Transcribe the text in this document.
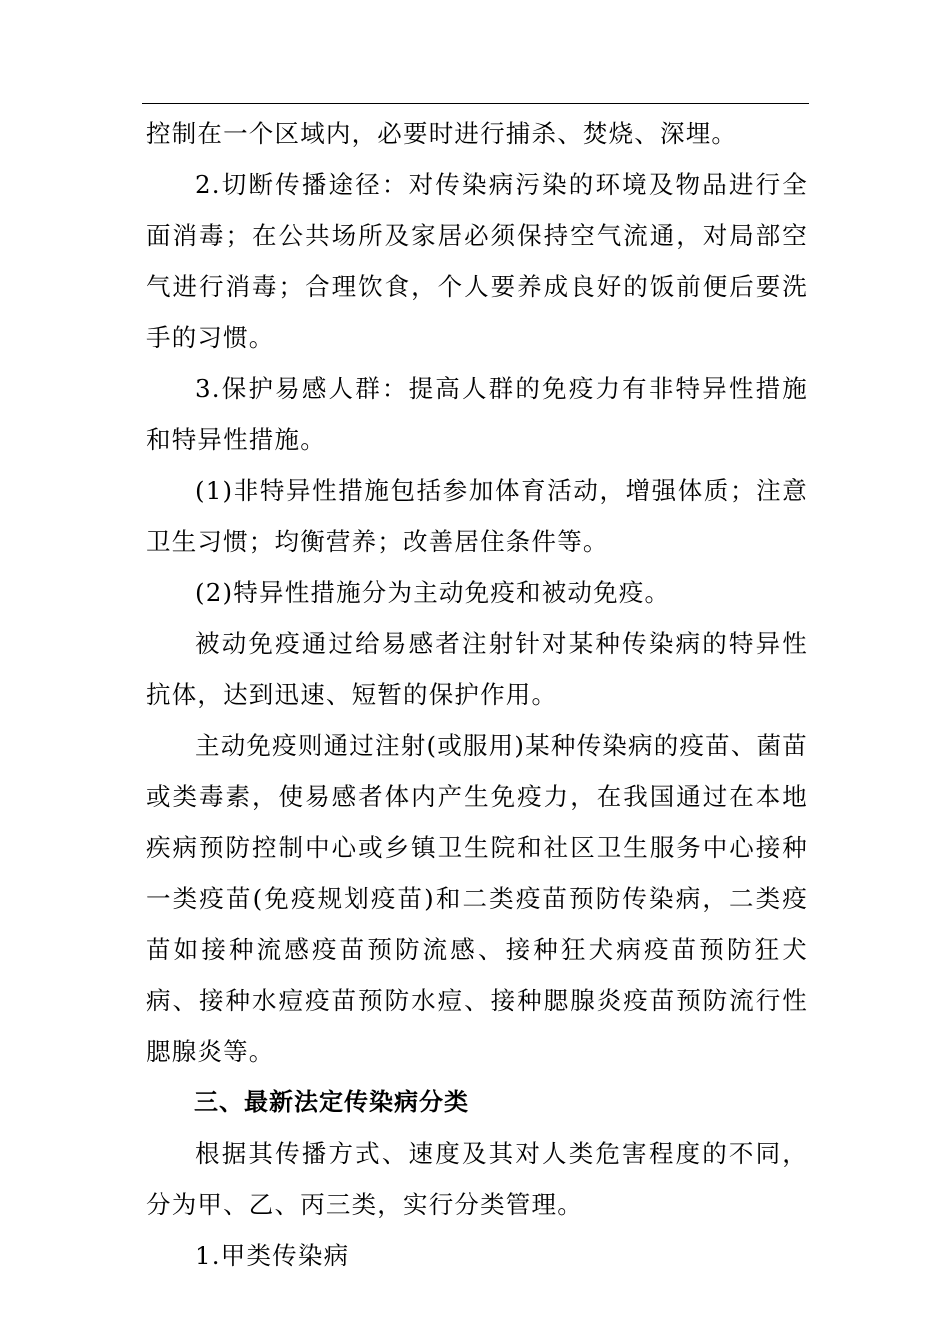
控制在一个区域内，必要时进行捕杀、焚烧、深埋。

2.切断传播途径：对传染病污染的环境及物品进行全面消毒；在公共场所及家居必须保持空气流通，对局部空气进行消毒；合理饮食，个人要养成良好的饭前便后要洗手的习惯。

3.保护易感人群：提高人群的免疫力有非特异性措施和特异性措施。

(1)非特异性措施包括参加体育活动，增强体质；注意卫生习惯；均衡营养；改善居住条件等。

(2)特异性措施分为主动免疫和被动免疫。

被动免疫通过给易感者注射针对某种传染病的特异性抗体，达到迅速、短暂的保护作用。

主动免疫则通过注射(或服用)某种传染病的疫苗、菌苗或类毒素，使易感者体内产生免疫力，在我国通过在本地疾病预防控制中心或乡镇卫生院和社区卫生服务中心接种一类疫苗(免疫规划疫苗)和二类疫苗预防传染病，二类疫苗如接种流感疫苗预防流感、接种狂犬病疫苗预防狂犬病、接种水痘疫苗预防水痘、接种腮腺炎疫苗预防流行性腮腺炎等。

三、最新法定传染病分类

根据其传播方式、速度及其对人类危害程度的不同，分为甲、乙、丙三类，实行分类管理。

1.甲类传染病
